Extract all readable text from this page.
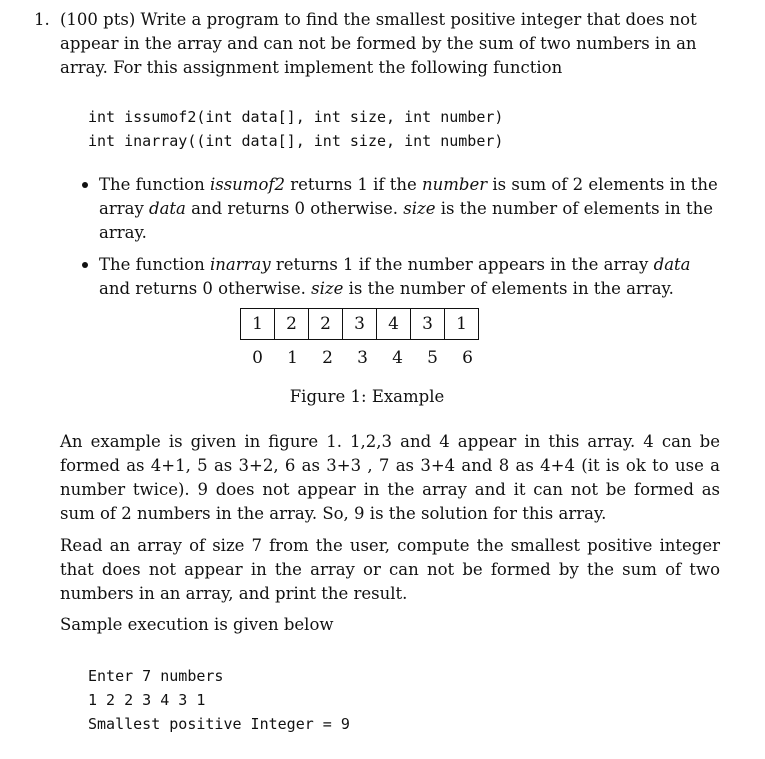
1. (100 pts) Write a program to find the smallest positive integer that does not appear in the array and can not be formed by the sum of two numbers in an array. For this assignment implement the following function
int issumof2(int data[], int size, int number)
int inarray((int data[], int size, int number)
The function issumof2 returns 1 if the number is sum of 2 elements in the array data and returns 0 otherwise. size is the number of elements in the array.
The function inarray returns 1 if the number appears in the array data and returns 0 otherwise. size is the number of elements in the array.
1	2	2	3	4	3	1
0	1	2	3	4	5	6
Figure 1: Example
An example is given in figure 1. 1,2,3 and 4 appear in this array. 4 can be formed as 4+1, 5 as 3+2, 6 as 3+3 , 7 as 3+4 and 8 as 4+4 (it is ok to use a number twice). 9 does not appear in the array and it can not be formed as sum of 2 numbers in the array. So, 9 is the solution for this array.
Read an array of size 7 from the user, compute the smallest positive integer that does not appear in the array or can not be formed by the sum of two numbers in an array, and print the result.
Sample execution is given below
Enter 7 numbers
1 2 2 3 4 3 1
Smallest positive Integer = 9
